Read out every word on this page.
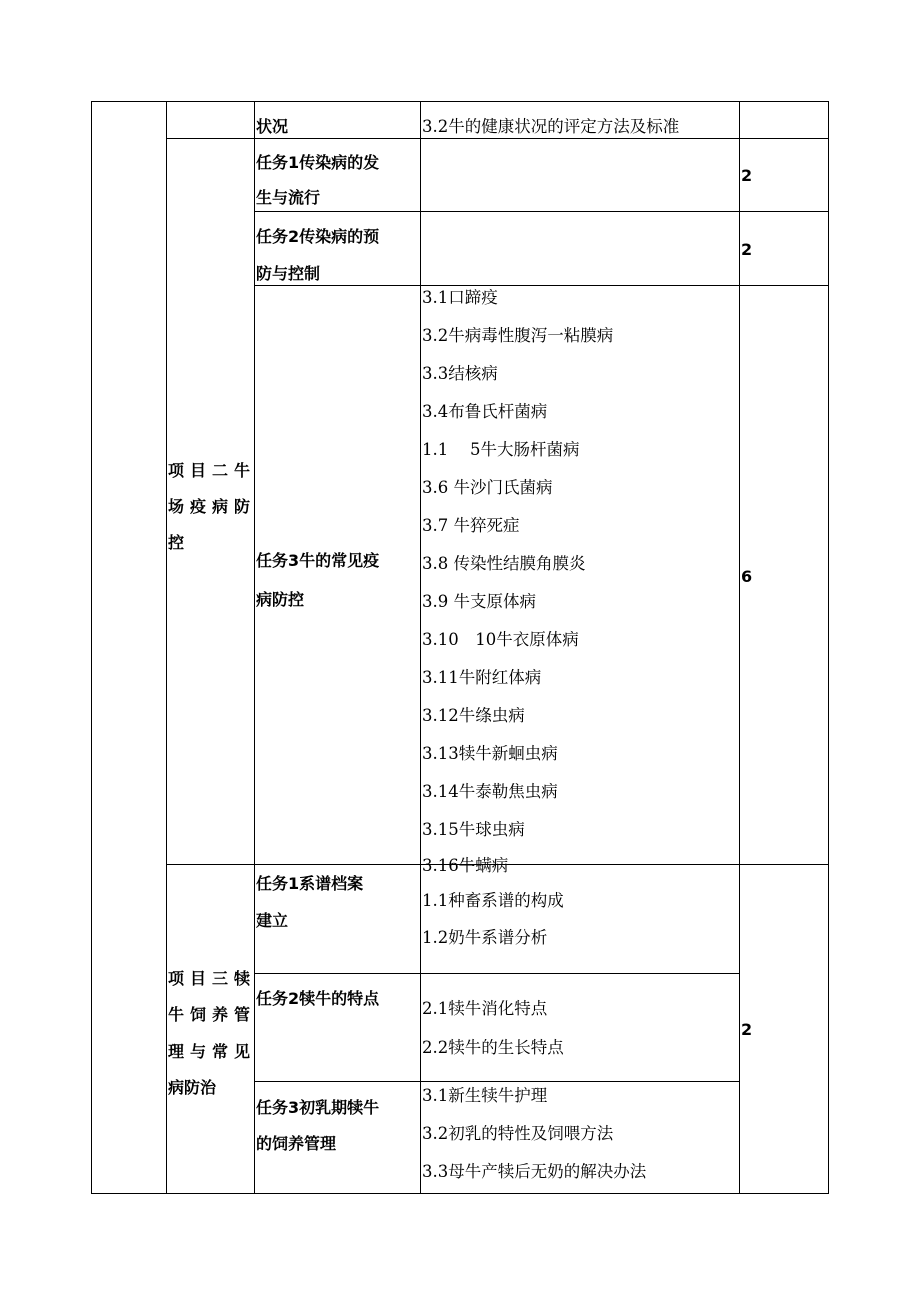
状况	3.2牛的健康状况的评定方法及标准
项目二牛
场疫病防
控
任务1传染病的发
生与流行
2
任务2传染病的预
防与控制
2
任务3牛的常见疫
病防控
6
3.1口蹄疫
3.2牛病毒性腹泻一粘膜病
3.3结核病
3.4布鲁氏杆菌病
1.1　 5牛大肠杆菌病
3.6 牛沙门氏菌病
3.7 牛猝死症
3.8 传染性结膜角膜炎
3.9 牛支原体病
3.10　10牛衣原体病
3.11牛附红体病
3.12牛绦虫病
3.13犊牛新蛔虫病
3.14牛泰勒焦虫病
3.15牛球虫病
3.16牛螨病
项目三犊
牛饲养管
理与常见
病防治
2
任务1系谱档案
建立
1.1种畜系谱的构成
1.2奶牛系谱分析
任务2犊牛的特点
2.1犊牛消化特点
2.2犊牛的生长特点
任务3初乳期犊牛
的饲养管理
3.1新生犊牛护理
3.2初乳的特性及饲喂方法
3.3母牛产犊后无奶的解决办法
